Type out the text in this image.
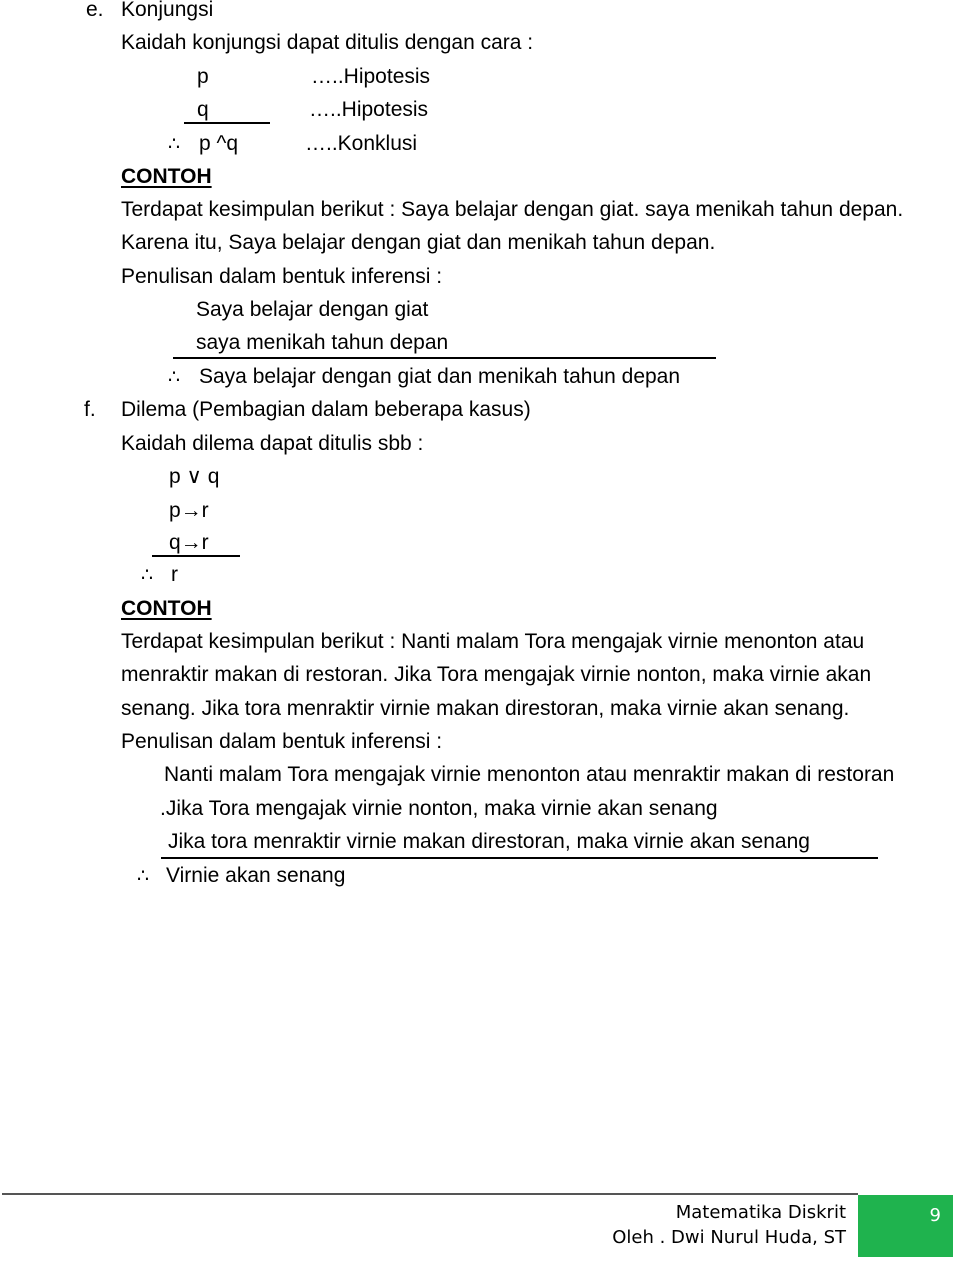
e. Konjungsi
Kaidah konjungsi dapat ditulis dengan cara :
p	…..Hipotesis
q	…..Hipotesis
∴ p ^q	…..Konklusi
CONTOH
Terdapat kesimpulan berikut : Saya belajar dengan giat. saya menikah tahun depan.
Karena itu, Saya belajar dengan giat dan menikah tahun depan.
Penulisan dalam bentuk inferensi :
Saya belajar dengan giat
saya menikah tahun depan
∴ Saya belajar dengan giat dan menikah tahun depan
f. Dilema (Pembagian dalam beberapa kasus)
Kaidah dilema dapat ditulis sbb :
p ∨ q
p→r
q→r
∴ r
CONTOH
Terdapat kesimpulan berikut : Nanti malam Tora mengajak virnie menonton atau
menraktir makan di restoran. Jika Tora mengajak virnie nonton, maka virnie akan
senang. Jika tora menraktir virnie makan direstoran, maka virnie akan senang.
Penulisan dalam bentuk inferensi :
Nanti malam Tora mengajak virnie menonton atau menraktir makan di restoran
.Jika Tora mengajak virnie nonton, maka virnie akan senang
Jika tora menraktir virnie makan direstoran, maka virnie akan senang
∴ Virnie akan senang
Matematika Diskrit
Oleh . Dwi Nurul Huda, ST
9
